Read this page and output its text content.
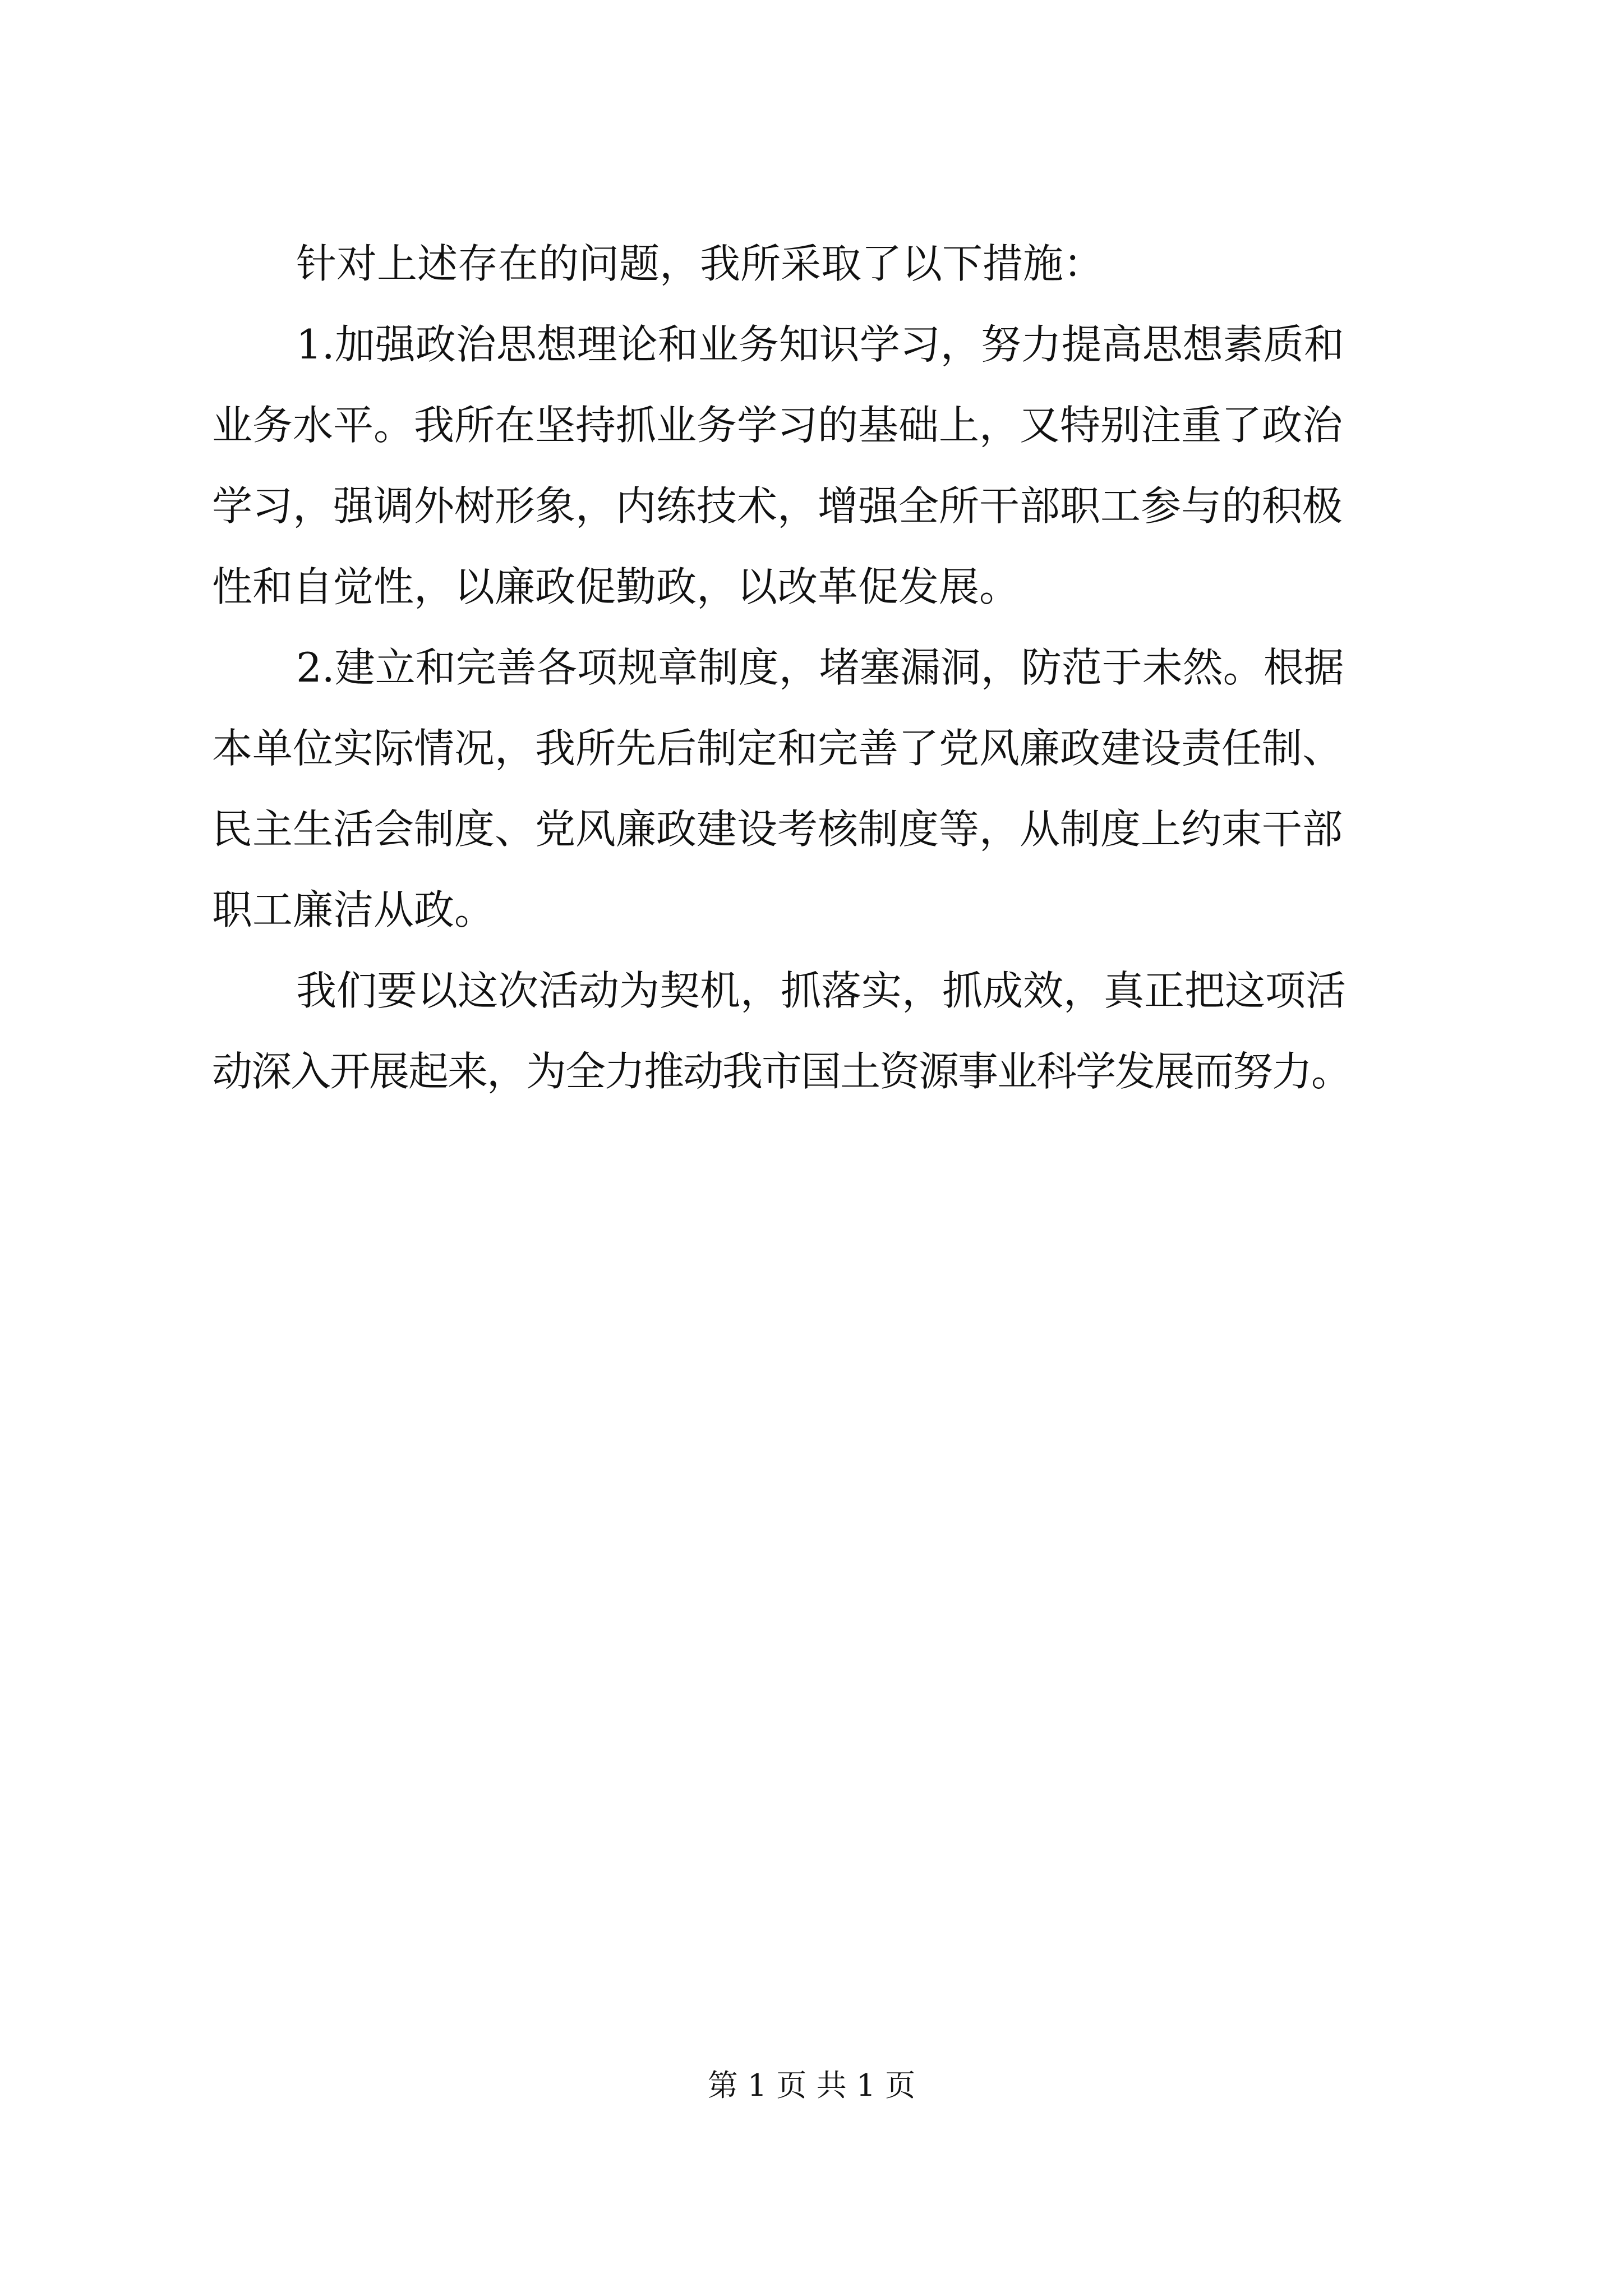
针对上述存在的问题，我所采取了以下措施：
1.加强政治思想理论和业务知识学习，努力提高思想素质和
业务水平。我所在坚持抓业务学习的基础上，又特别注重了政治
学习，强调外树形象，内练技术，增强全所干部职工参与的积极
性和自觉性，以廉政促勤政，以改革促发展。
2.建立和完善各项规章制度，堵塞漏洞，防范于未然。根据
本单位实际情况，我所先后制定和完善了党风廉政建设责任制、
民主生活会制度、党风廉政建设考核制度等，从制度上约束干部
职工廉洁从政。
我们要以这次活动为契机，抓落实，抓成效，真正把这项活
动深入开展起来，为全力推动我市国土资源事业科学发展而努力。
第 1 页 共 1 页
